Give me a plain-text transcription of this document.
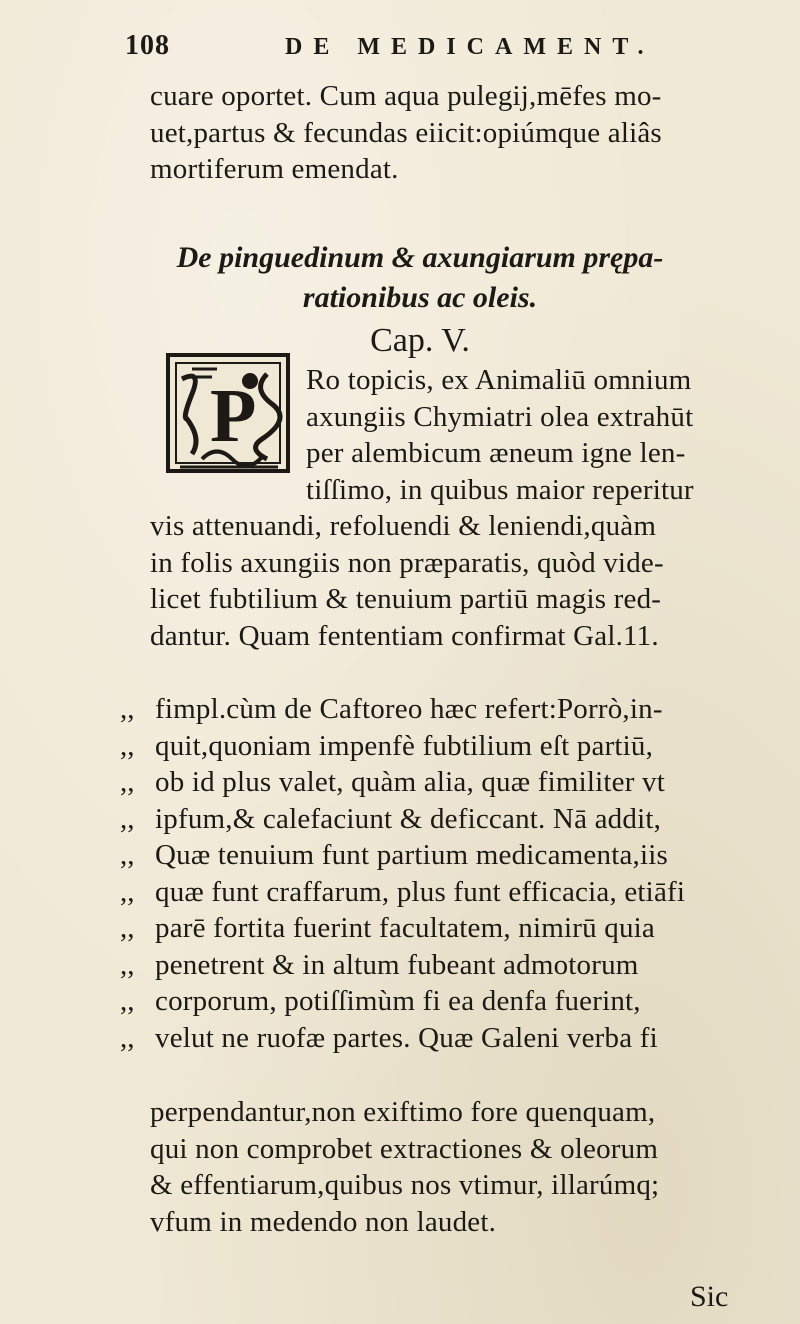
108	DE MEDICAMENT.
cuare oportet. Cum aqua pulegij,mēfes mo-
uet,partus & fecundas eiicit:opiúmque aliâs
mortiferum emendat.
De pinguedinum & axungiarum prępa-
rationibus ac oleis.
Cap. V.
P Ro topicis, ex Animaliū omnium
axungiis Chymiatri olea extrahūt
per alembicum æneum igne len-
tiſſimo, in quibus maior reperitur
vis attenuandi, refoluendi & leniendi,quàm
in folis axungiis non præparatis, quòd vide-
licet fubtilium & tenuium partiū magis red-
dantur. Quam fententiam confirmat Gal.11.
,,
,,
,,
,,
,,
,,
,,
,,
,,
,,
fimpl.cùm de Caftoreo hæc refert:Porrò,in-
quit,quoniam impenfè fubtilium eſt partiū,
ob id plus valet, quàm alia, quæ fimiliter vt
ipfum,& calefaciunt & deficcant. Nā addit,
Quæ tenuium funt partium medicamenta,iis
quæ funt craffarum, plus funt efficacia, etiāfi
parē fortita fuerint facultatem, nimirū quia
penetrent & in altum fubeant admotorum
corporum, potiſſimùm fi ea denfa fuerint,
velut ne ruofæ partes. Quæ Galeni verba fi
perpendantur,non exiftimo fore quenquam,
qui non comprobet extractiones & oleorum
& effentiarum,quibus nos vtimur, illarúmq;
vfum in medendo non laudet.
Sic
